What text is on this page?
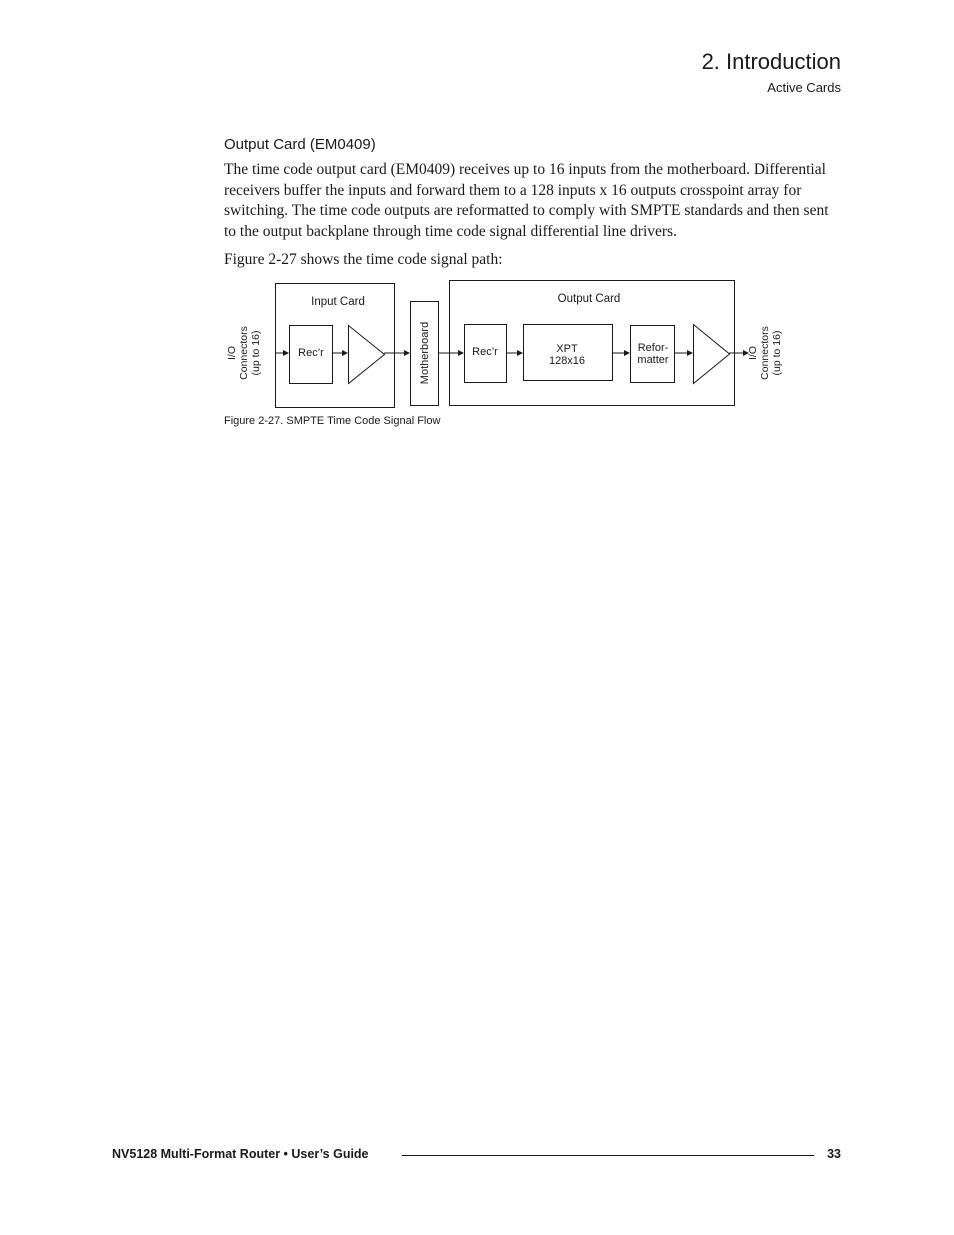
2. Introduction
Active Cards
Output Card (EM0409)
The time code output card (EM0409) receives up to 16 inputs from the motherboard. Differential receivers buffer the inputs and forward them to a 128 inputs x 16 outputs crosspoint array for switching. The time code outputs are reformatted to comply with SMPTE standards and then sent to the output backplane through time code signal differential line drivers.
Figure 2-27 shows the time code signal path:
I/O Connectors (up to 16)
Input Card
Rec’r	Motherboard
Output Card
Rec’r	XPT
128x16
Refor-
matter	I/O Connectors (up to 16)
Figure 2-27. SMPTE Time Code Signal Flow
NV5128 Multi-Format Router • User’s Guide	33
